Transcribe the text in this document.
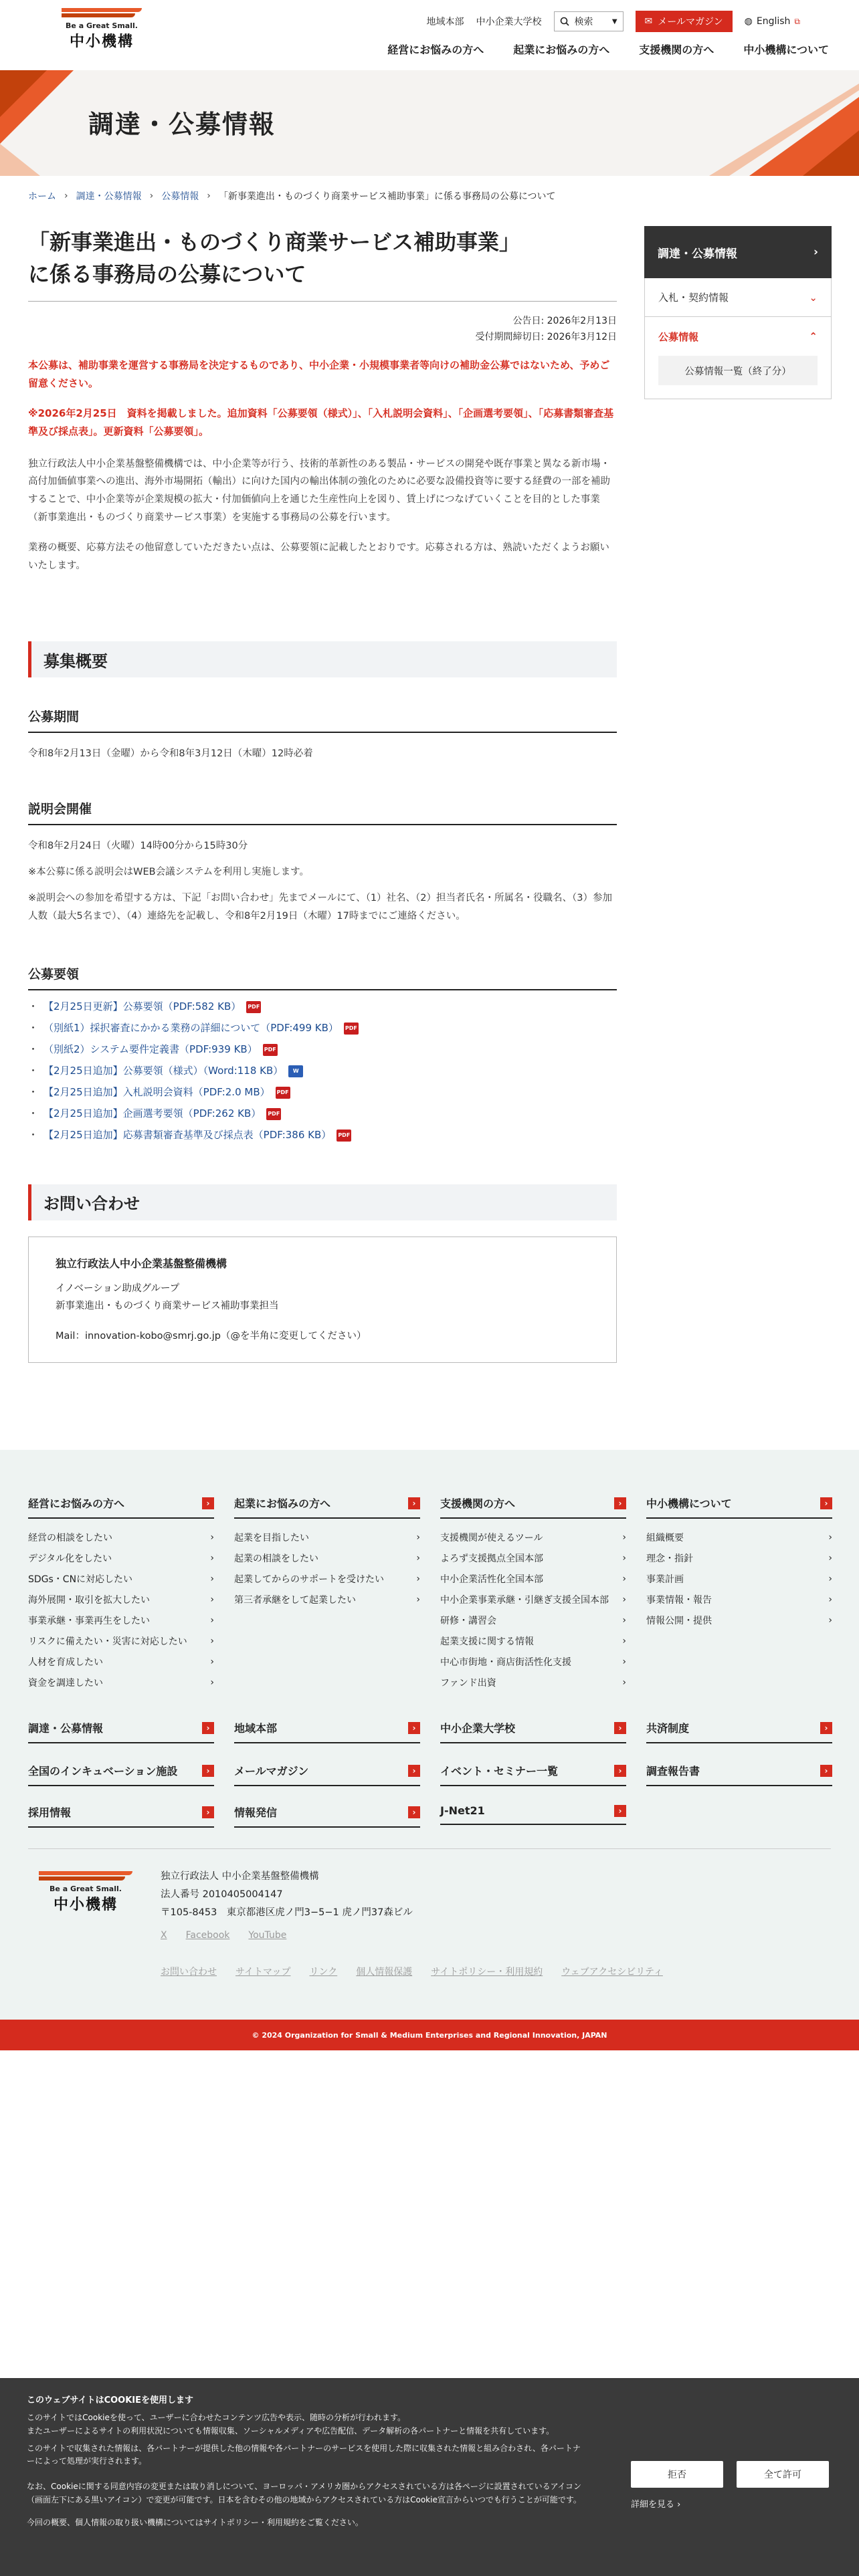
Be a Great Small.
中小機構
地域本部 中小企業大学校	検索	▼	✉ メールマガジン ◍ English ⧉
経営にお悩みの方へ	起業にお悩みの方へ	支援機関の方へ	中小機構について
調達・公募情報
ホーム › 調達・公募情報 › 公募情報 › 「新事業進出・ものづくり商業サービス補助事業」に係る事務局の公募について
「新事業進出・ものづくり商業サービス補助事業」
に係る事務局の公募について
公告日: 2026年2月13日
受付期間締切日: 2026年3月12日

本公募は、補助事業を運営する事務局を決定するものであり、中小企業・小規模事業者等向けの補助金公募ではないため、予めご留意ください。

※2026年2月25日　資料を掲載しました。追加資料「公募要領（様式）」、「入札説明会資料」、「企画選考要領」、「応募書類審査基準及び採点表」。更新資料「公募要領」。

独立行政法人中小企業基盤整備機構では、中小企業等が行う、技術的革新性のある製品・サービスの開発や既存事業と異なる新市場・高付加価値事業への進出、海外市場開拓（輸出）に向けた国内の輸出体制の強化のために必要な設備投資等に要する経費の一部を補助することで、中小企業等が企業規模の拡大・付加価値向上を通じた生産性向上を図り、賃上げにつなげていくことを目的とした事業（新事業進出・ものづくり商業サービス事業）を実施する事務局の公募を行います。

業務の概要、応募方法その他留意していただきたい点は、公募要領に記載したとおりです。応募される方は、熟読いただくようお願いいたします。

募集概要
公募期間

令和8年2月13日（金曜）から令和8年3月12日（木曜）12時必着

説明会開催

令和8年2月24日（火曜）14時00分から15時30分

※本公募に係る説明会はWEB会議システムを利用し実施します。

※説明会への参加を希望する方は、下記「お問い合わせ」先までメールにて、（1）社名、（2）担当者氏名・所属名・役職名、（3）参加人数（最大5名まで）、（4）連絡先を記載し、令和8年2月19日（木曜）17時までにご連絡ください。

公募要領
・ 【2月25日更新】公募要領（PDF:582 KB） PDF
・ （別紙1）採択審査にかかる業務の詳細について（PDF:499 KB） PDF
・ （別紙2）システム要件定義書（PDF:939 KB） PDF
・ 【2月25日追加】公募要領（様式）（Word:118 KB）	W
・ 【2月25日追加】入札説明会資料（PDF:2.0 MB） PDF
・ 【2月25日追加】企画選考要領（PDF:262 KB） PDF
・ 【2月25日追加】応募書類審査基準及び採点表（PDF:386 KB） PDF
お問い合わせ
独立行政法人中小企業基盤整備機構
イノベーション助成グループ
新事業進出・ものづくり商業サービス補助事業担当
Mail：innovation-kobo@smrj.go.jp（@を半角に変更してください）
調達・公募情報	›
入札・契約情報	⌄
公募情報	⌃
公募情報一覧（終了分）
経営にお悩みの方へ	›
経営の相談をしたい	›
デジタル化をしたい	›
SDGs・CNに対応したい	›
海外展開・取引を拡大したい	›
事業承継・事業再生をしたい	›
リスクに備えたい・災害に対応したい ›
人材を育成したい	›
資金を調達したい	›
起業にお悩みの方へ	›
起業を目指したい	›
起業の相談をしたい	›
起業してからのサポートを受けたい	›
第三者承継をして起業したい	›
支援機関の方へ	›
支援機関が使えるツール	›
よろず支援拠点全国本部	›
中小企業活性化全国本部	›
中小企業事業承継・引継ぎ支援全国本部 ›
研修・講習会	›
起業支援に関する情報	›
中心市街地・商店街活性化支援	›
ファンド出資	›
中小機構について	›
組織概要	›
理念・指針	›
事業計画	›
事業情報・報告	›
情報公開・提供	›
調達・公募情報	›	地域本部	›	中小企業大学校	›	共済制度	›
全国のインキュベーション施設	›	メールマガジン	›	イベント・セミナー一覧	›	調査報告書	›
採用情報	›	情報発信	›	J-Net21	›
Be a Great Small.
中小機構
独立行政法人 中小企業基盤整備機構
法人番号 2010405004147
〒105-8453　東京都港区虎ノ門3−5−1 虎ノ門37森ビル
X Facebook YouTube
お問い合わせ サイトマップ リンク 個人情報保護 サイトポリシー・利用規約 ウェブアクセシビリティ
© 2024 Organization for Small & Medium Enterprises and Regional Innovation, JAPAN
このウェブサイトはCOOKIEを使用します

このサイトではCookieを使って、ユーザーに合わせたコンテンツ広告や表示、随時の分析が行われます。

またユーザーによるサイトの利用状況についても情報収集、ソーシャルメディアや広告配信、データ解析の各パートナーと情報を共有しています。

このサイトで収集された情報は、各パートナーが提供した他の情報や各パートナーのサービスを使用した際に収集された情報と組み合わされ、各パートナーによって処理が実行されます。

なお、Cookieに関する同意内容の変更または取り消しについて、ヨーロッパ・アメリカ圏からアクセスされている方は各ページに設置されているアイコン（画面左下にある黒いアイコン）で変更が可能です。日本を含むその他の地域からアクセスされている方はCookie宣言からいつでも行うことが可能です。

今回の概要、個人情報の取り扱い機構についてはサイトポリシー・利用規約をご覧ください。

拒否	全て許可
詳細を見る ›
